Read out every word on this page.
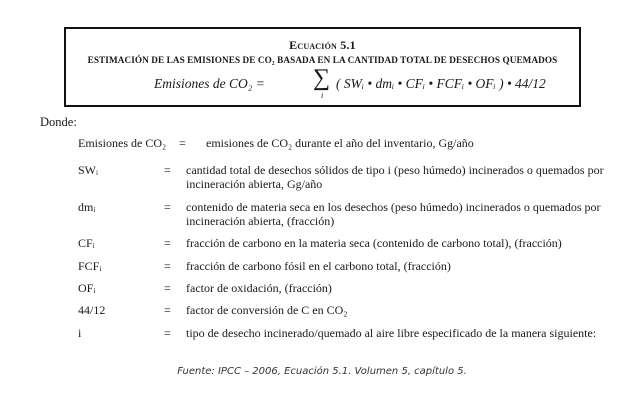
Ecuación 5.1
ESTIMACIÓN DE LAS EMISIONES DE CO₂ BASADA EN LA CANTIDAD TOTAL DE DESECHOS QUEMADOS
Emisiones de CO₂ = ∑
i
( SWᵢ • dmᵢ • CFᵢ • FCFᵢ • OFᵢ ) • 44/12
Donde:
Emisiones de CO₂ = emisiones de CO₂ durante el año del inventario, Gg/año
SWᵢ	= cantidad total de desechos sólidos de tipo i (peso húmedo) incinerados o quemados por incineración abierta, Gg/año
dmᵢ	= contenido de materia seca en los desechos (peso húmedo) incinerados o quemados por incineración abierta, (fracción)
CFᵢ	= fracción de carbono en la materia seca (contenido de carbono total), (fracción)
FCFᵢ	= fracción de carbono fósil en el carbono total, (fracción)
OFᵢ	= factor de oxidación, (fracción)
44/12	= factor de conversión de C en CO₂
i	= tipo de desecho incinerado/quemado al aire libre especificado de la manera siguiente:
Fuente: IPCC – 2006, Ecuación 5.1. Volumen 5, capítulo 5.
